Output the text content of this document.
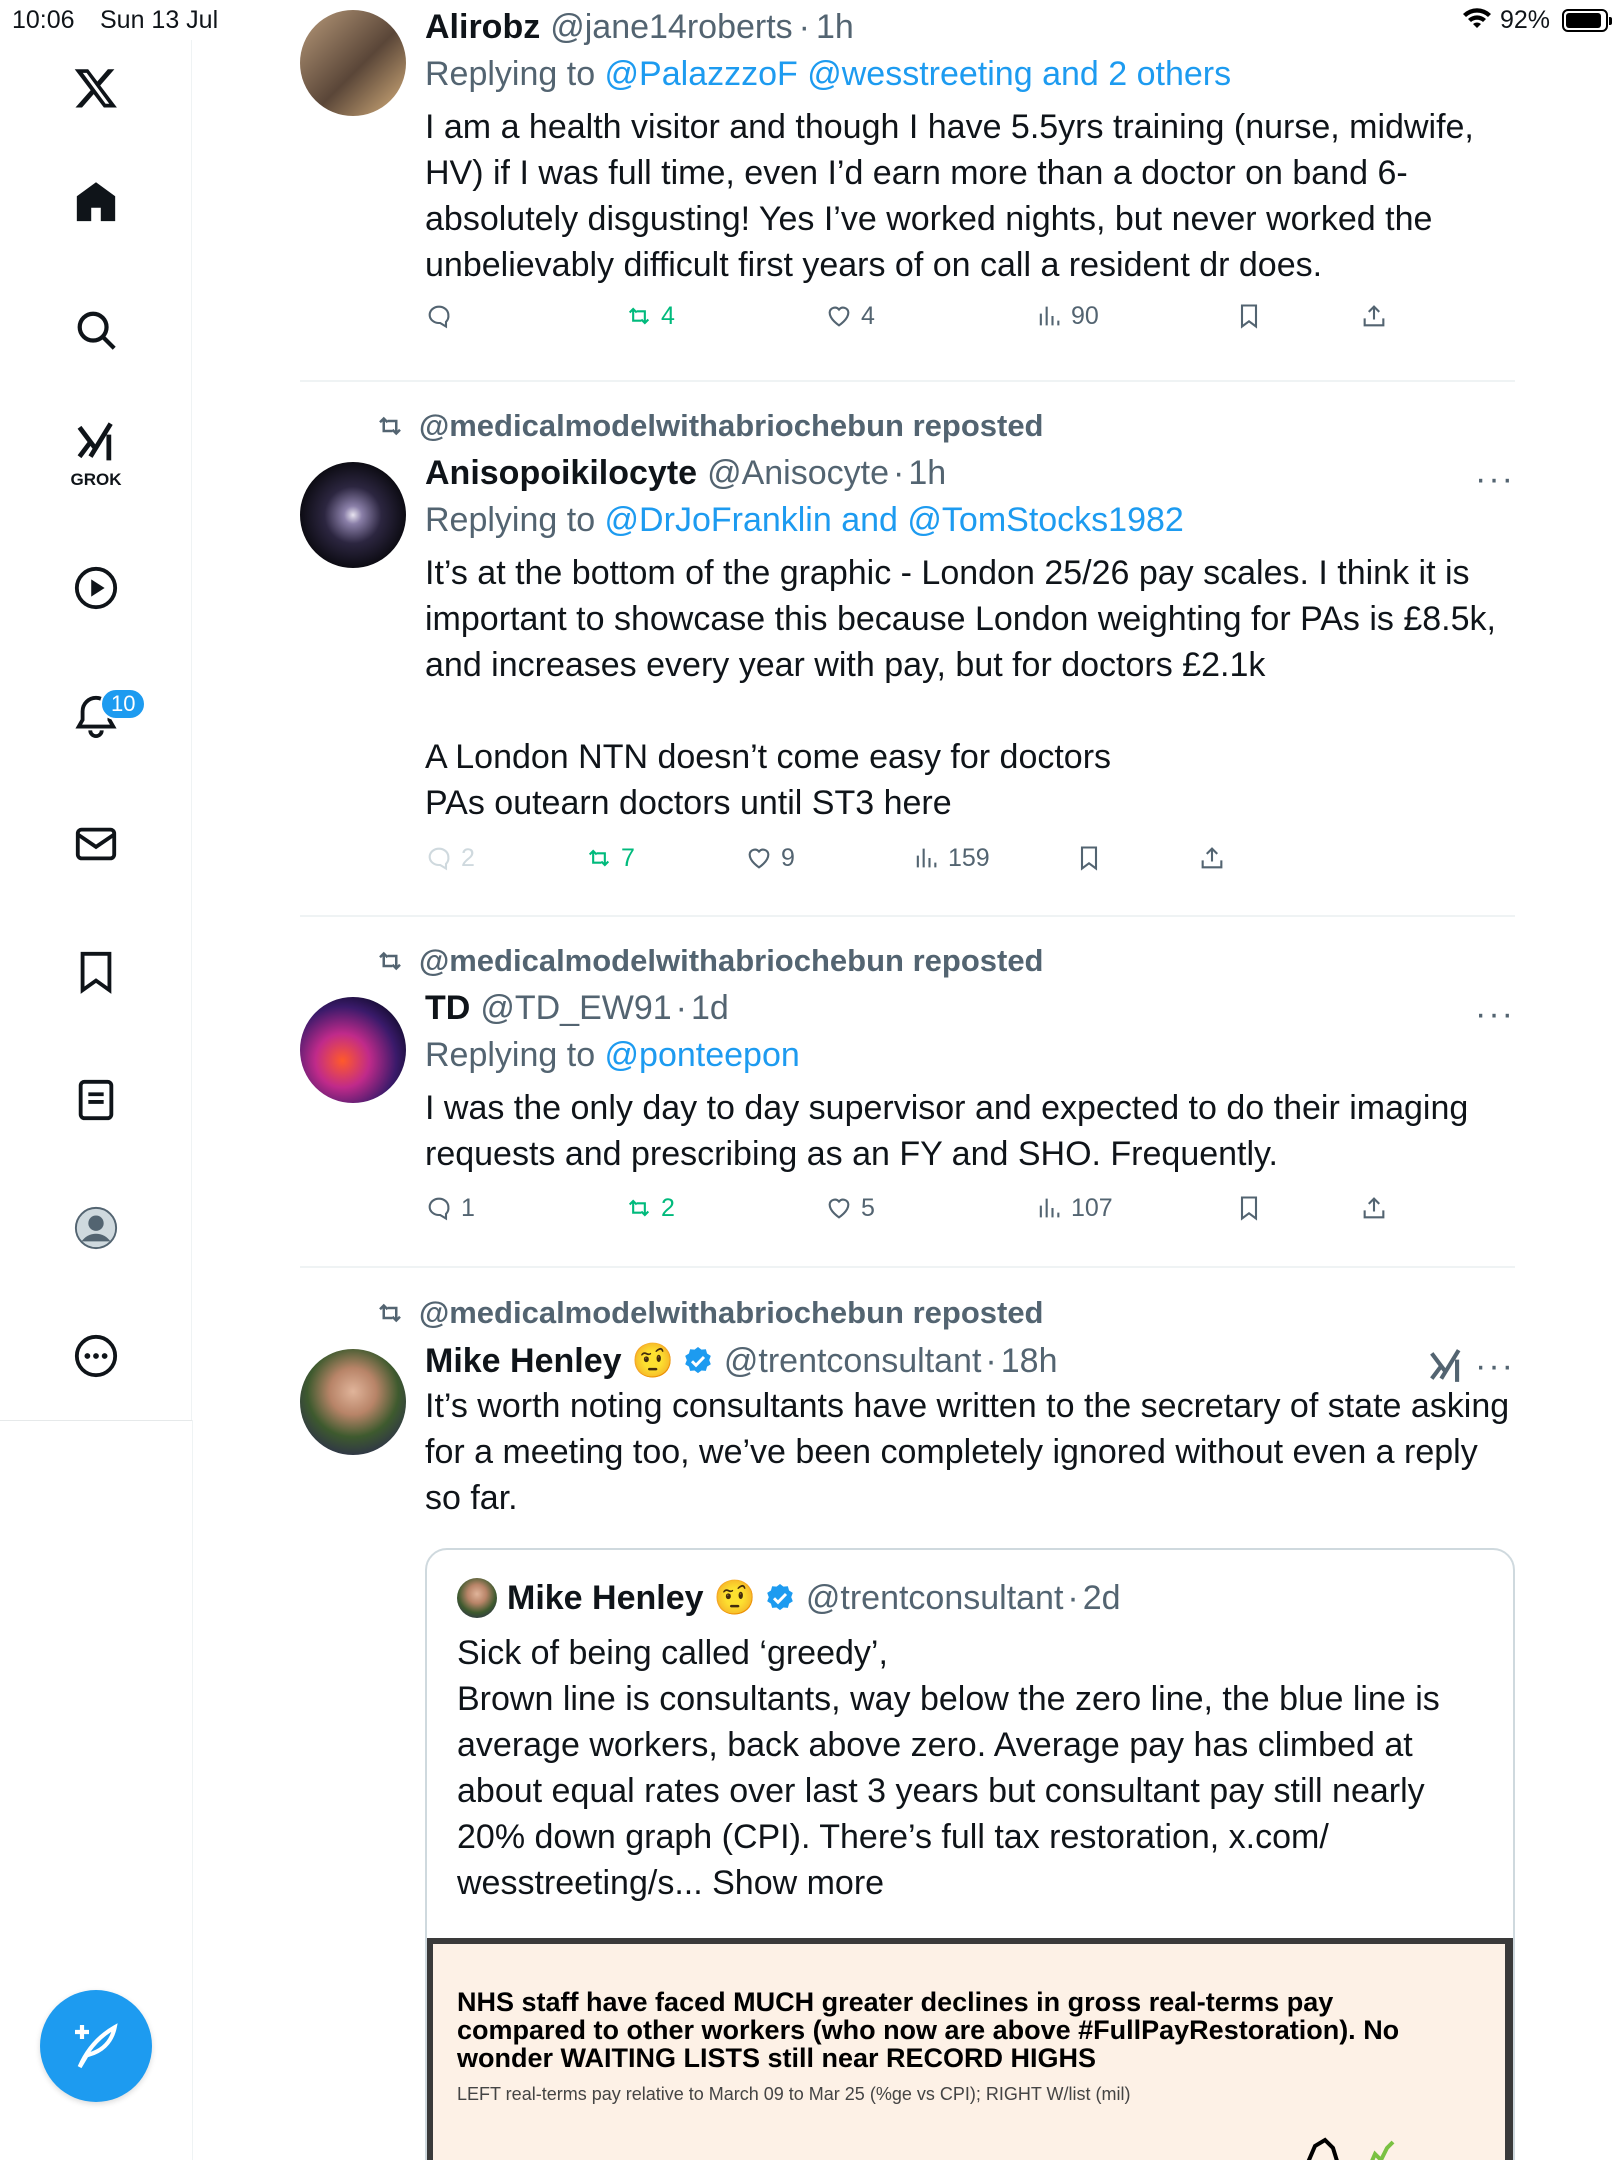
10:06 Sun 13 Jul	92%
GROK
10
Alirobz @jane14roberts · 1h
Replying to @PalazzzoF @wesstreeting and 2 others
I am a health visitor and though I have 5.5yrs training (nurse, midwife, HV) if I was full time, even I’d earn more than a doctor on band 6- absolutely disgusting! Yes I’ve worked nights, but never worked the unbelievably difficult first years of on call a resident dr does.
4	4	90
@medicalmodelwithabriochebun reposted
Anisopoikilocyte @Anisocyte · 1h
Replying to @DrJoFranklin and @TomStocks1982
It’s at the bottom of the graphic - London 25/26 pay scales. I think it is important to showcase this because London weighting for PAs is £8.5k, and increases every year with pay, but for doctors £2.1k

A London NTN doesn’t come easy for doctors
PAs outearn doctors until ST3 here
···
2	7	9	159
@medicalmodelwithabriochebun reposted
TD @TD_EW91 · 1d
Replying to @ponteepon
I was the only day to day supervisor and expected to do their imaging requests and prescribing as an FY and SHO. Frequently.
···
1	2	5	107
@medicalmodelwithabriochebun reposted
Mike Henley 🤨 @trentconsultant · 18h
It’s worth noting consultants have written to the secretary of state asking for a meeting too, we’ve been completely ignored without even a reply so far.
···
Mike Henley 🤨 @trentconsultant · 2d
Sick of being called ‘greedy’,
Brown line is consultants, way below the zero line, the blue line is average workers, back above zero. Average pay has climbed at about equal rates over last 3 years but consultant pay still nearly 20% down graph (CPI). There’s full tax restoration, x.com/ wesstreeting/s... Show more
NHS staff have faced MUCH greater declines in gross real-terms pay compared to other workers (who now are above #FullPayRestoration). No wonder WAITING LISTS still near RECORD HIGHS
LEFT real-terms pay relative to March 09 to Mar 25 (%ge vs CPI); RIGHT W/list (mil)
